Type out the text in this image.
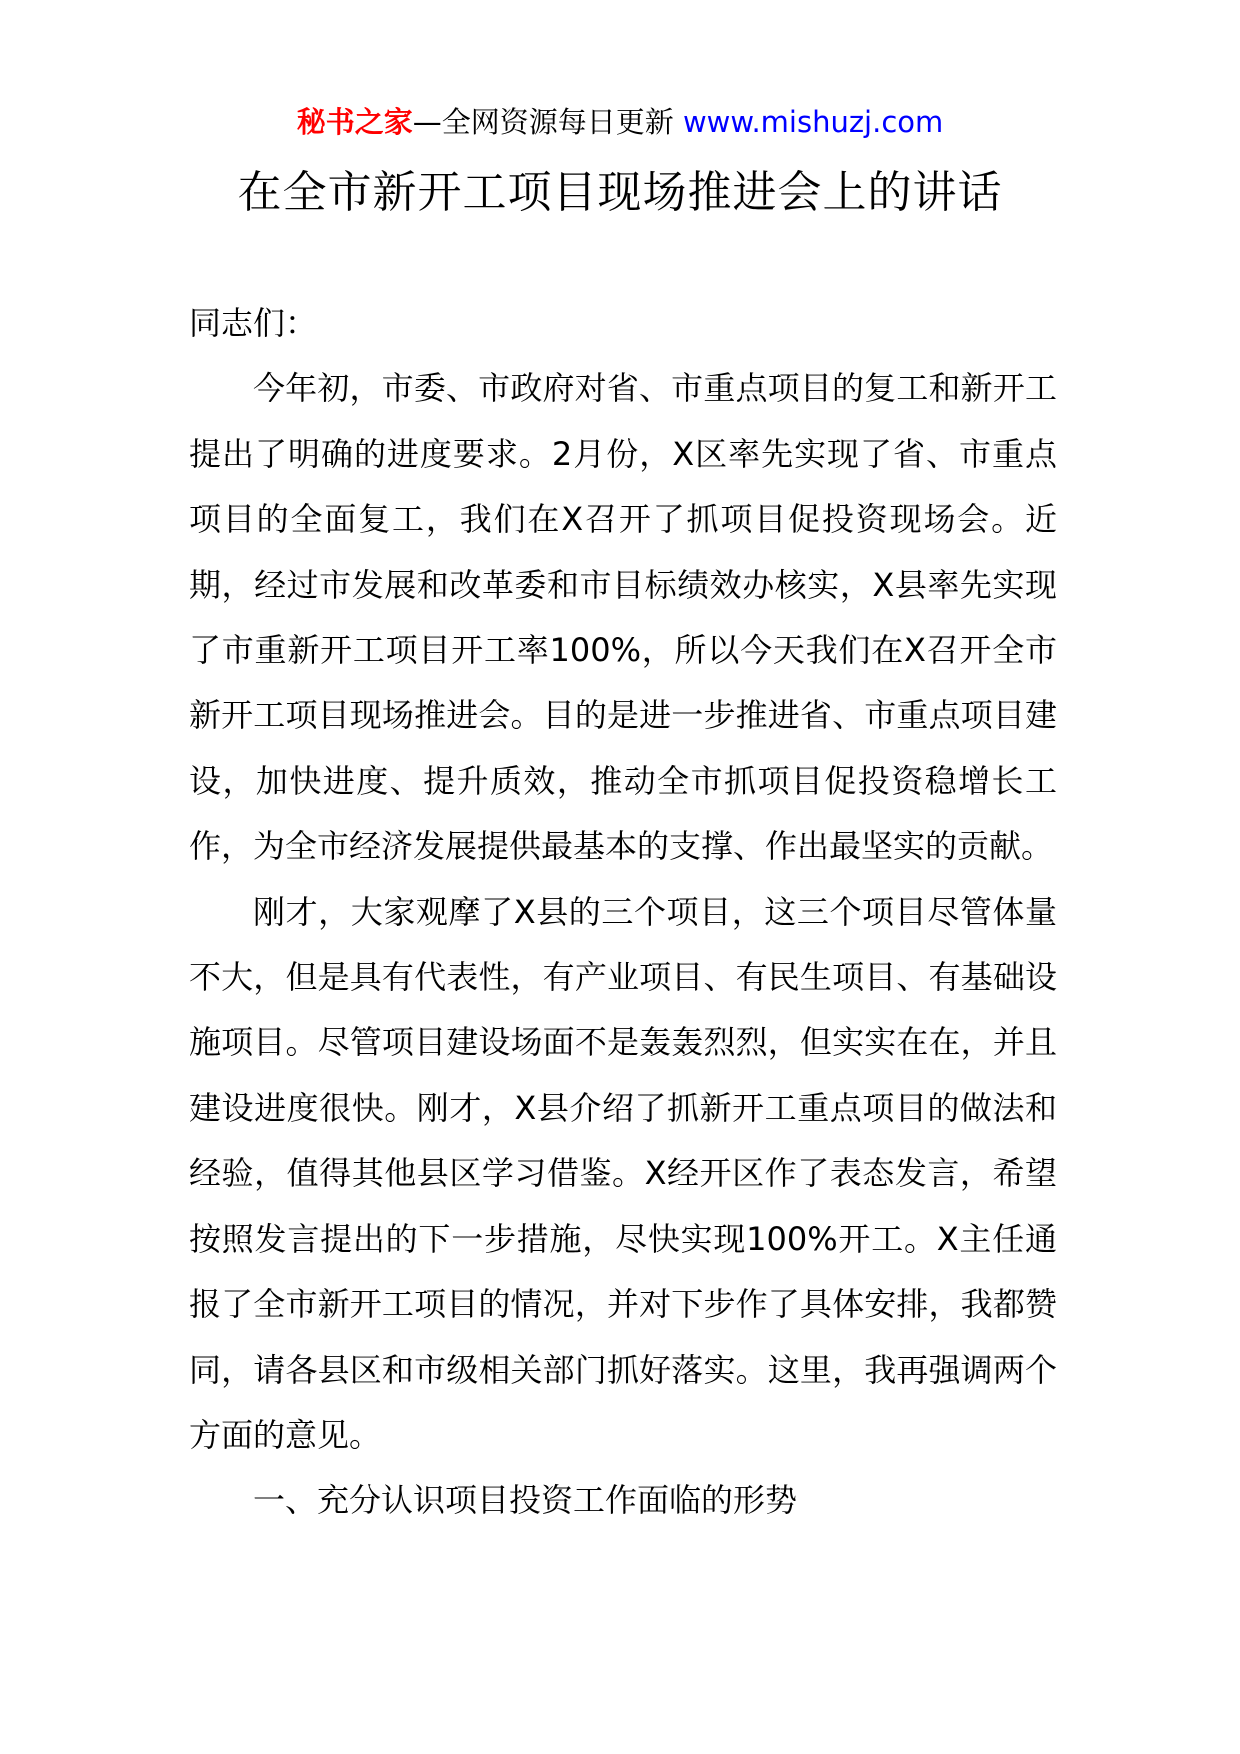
秘书之家—全网资源每日更新 www.mishuzj.com
在全市新开工项目现场推进会上的讲话

同志们：

今年初，市委、市政府对省、市重点项目的复工和新开工提出了明确的进度要求。2月份，X区率先实现了省、市重点项目的全面复工，我们在X召开了抓项目促投资现场会。近期，经过市发展和改革委和市目标绩效办核实，X县率先实现了市重新开工项目开工率100%，所以今天我们在X召开全市新开工项目现场推进会。目的是进一步推进省、市重点项目建设，加快进度、提升质效，推动全市抓项目促投资稳增长工作，为全市经济发展提供最基本的支撑、作出最坚实的贡献。

刚才，大家观摩了X县的三个项目，这三个项目尽管体量不大，但是具有代表性，有产业项目、有民生项目、有基础设施项目。尽管项目建设场面不是轰轰烈烈，但实实在在，并且建设进度很快。刚才，X县介绍了抓新开工重点项目的做法和经验，值得其他县区学习借鉴。X经开区作了表态发言，希望按照发言提出的下一步措施，尽快实现100%开工。X主任通报了全市新开工项目的情况，并对下步作了具体安排，我都赞同，请各县区和市级相关部门抓好落实。这里，我再强调两个方面的意见。

一、充分认识项目投资工作面临的形势
